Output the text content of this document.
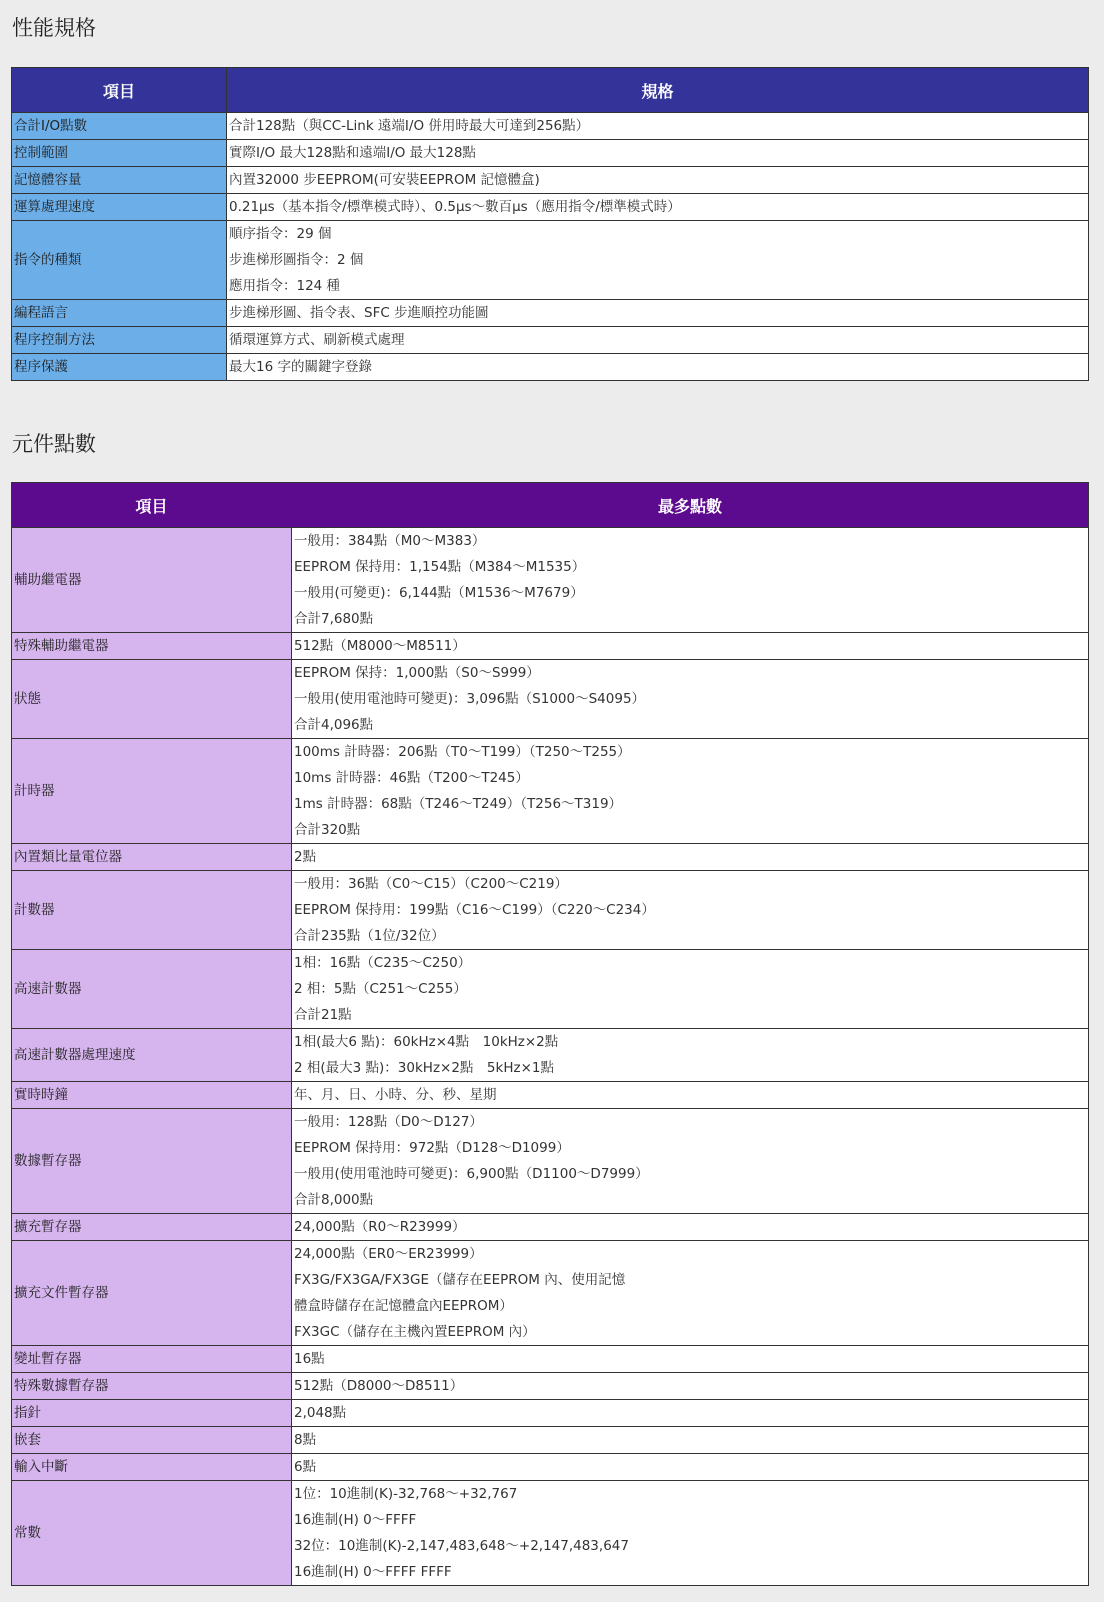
性能規格
項目	規格
合計I/O點數	合計128點（與CC-Link 遠端I/O 併用時最大可達到256點）

控制範圍	實際I/O 最大128點和遠端I/O 最大128點

記憶體容量	內置32000 步EEPROM(可安裝EEPROM 記憶體盒)

運算處理速度	0.21μs（基本指令/標準模式時）、0.5μs～數百μs（應用指令/標準模式時）

指令的種類	順序指令：29 個
步進梯形圖指令：2 個
應用指令：124 種

編程語言	步進梯形圖、指令表、SFC 步進順控功能圖

程序控制方法	循環運算方式、刷新模式處理

程序保護	最大16 字的關鍵字登錄
元件點數
項目	最多點數
輔助繼電器	一般用：384點（M0～M383）
EEPROM 保持用：1,154點（M384～M1535）
一般用(可變更)：6,144點（M1536～M7679）
合計7,680點

特殊輔助繼電器	512點（M8000～M8511）

狀態	EEPROM 保持：1,000點（S0～S999）
一般用(使用電池時可變更)：3,096點（S1000～S4095）
合計4,096點

計時器	100ms 計時器：206點（T0～T199）（T250～T255）
10ms 計時器：46點（T200～T245）
1ms 計時器：68點（T246～T249）（T256～T319）
合計320點

內置類比量電位器	2點

計數器	一般用：36點（C0～C15）（C200～C219）
EEPROM 保持用：199點（C16～C199）（C220～C234）
合計235點（1位/32位）

高速計數器	1相：16點（C235～C250）
2 相：5點（C251～C255）
合計21點

高速計數器處理速度	1相(最大6 點)：60kHz×4點　10kHz×2點
2 相(最大3 點)：30kHz×2點　5kHz×1點

實時時鐘	年、月、日、小時、分、秒、星期

數據暫存器	一般用：128點（D0～D127）
EEPROM 保持用：972點（D128～D1099）
一般用(使用電池時可變更)：6,900點（D1100～D7999）
合計8,000點

擴充暫存器	24,000點（R0～R23999）

擴充文件暫存器	24,000點（ER0～ER23999）
FX3G/FX3GA/FX3GE（儲存在EEPROM 內、使用記憶
體盒時儲存在記憶體盒內EEPROM）
FX3GC（儲存在主機內置EEPROM 內）

變址暫存器	16點

特殊數據暫存器	512點（D8000～D8511）

指針	2,048點

嵌套	8點

輸入中斷	6點

常數	1位：10進制(K)-32,768～+32,767
16進制(H) 0～FFFF
32位：10進制(K)-2,147,483,648～+2,147,483,647
16進制(H) 0～FFFF FFFF
